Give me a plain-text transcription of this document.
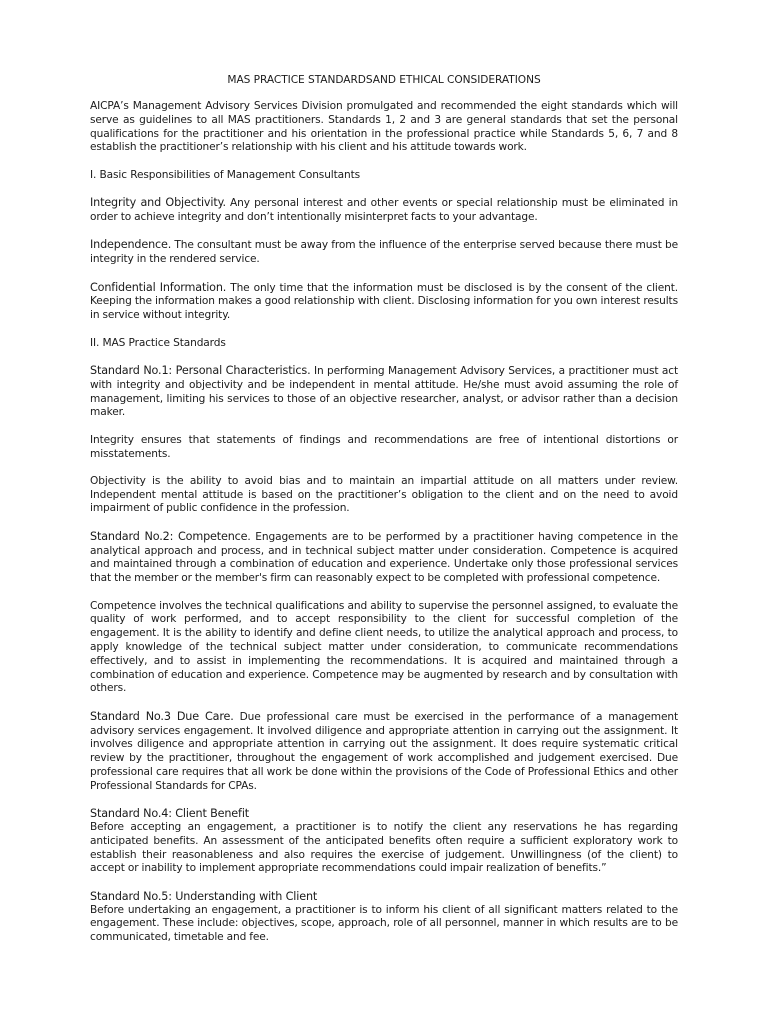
MAS PRACTICE STANDARDSAND ETHICAL CONSIDERATIONS

AICPA’s Management Advisory Services Division promulgated and recommended the eight standards which will serve as guidelines to all MAS practitioners. Standards 1, 2 and 3 are general standards that set the personal qualifications for the practitioner and his orientation in the professional practice while Standards 5, 6, 7 and 8 establish the practitioner’s relationship with his client and his attitude towards work.

I. Basic Responsibilities of Management Consultants

Integrity and Objectivity. Any personal interest and other events or special relationship must be eliminated in order to achieve integrity and don’t intentionally misinterpret facts to your advantage.

Independence. The consultant must be away from the influence of the enterprise served because there must be integrity in the rendered service.

Confidential Information. The only time that the information must be disclosed is by the consent of the client. Keeping the information makes a good relationship with client. Disclosing information for you own interest results in service without integrity.

II. MAS Practice Standards

Standard No.1: Personal Characteristics. In performing Management Advisory Services, a practitioner must act with integrity and objectivity and be independent in mental attitude. He/she must avoid assuming the role of management, limiting his services to those of an objective researcher, analyst, or advisor rather than a decision maker.

Integrity ensures that statements of findings and recommendations are free of intentional distortions or misstatements.

Objectivity is the ability to avoid bias and to maintain an impartial attitude on all matters under review. Independent mental attitude is based on the practitioner’s obligation to the client and on the need to avoid impairment of public confidence in the profession.

Standard No.2: Competence. Engagements are to be performed by a practitioner having competence in the analytical approach and process, and in technical subject matter under consideration. Competence is acquired and maintained through a combination of education and experience. Undertake only those professional services that the member or the member's firm can reasonably expect to be completed with professional competence.

Competence involves the technical qualifications and ability to supervise the personnel assigned, to evaluate the quality of work performed, and to accept responsibility to the client for successful completion of the engagement. It is the ability to identify and define client needs, to utilize the analytical approach and process, to apply knowledge of the technical subject matter under consideration, to communicate recommendations effectively, and to assist in implementing the recommendations. It is acquired and maintained through a combination of education and experience. Competence may be augmented by research and by consultation with others.

Standard No.3 Due Care. Due professional care must be exercised in the performance of a management advisory services engagement. It involved diligence and appropriate attention in carrying out the assignment. It involves diligence and appropriate attention in carrying out the assignment. It does require systematic critical review by the practitioner, throughout the engagement of work accomplished and judgement exercised. Due professional care requires that all work be done within the provisions of the Code of Professional Ethics and other Professional Standards for CPAs.

Standard No.4: Client Benefit

Before accepting an engagement, a practitioner is to notify the client any reservations he has regarding anticipated benefits. An assessment of the anticipated benefits often require a sufficient exploratory work to establish their reasonableness and also requires the exercise of judgement. Unwillingness (of the client) to accept or inability to implement appropriate recommendations could impair realization of benefits.”

Standard No.5: Understanding with Client

Before undertaking an engagement, a practitioner is to inform his client of all significant matters related to the engagement. These include: objectives, scope, approach, role of all personnel, manner in which results are to be communicated, timetable and fee.
